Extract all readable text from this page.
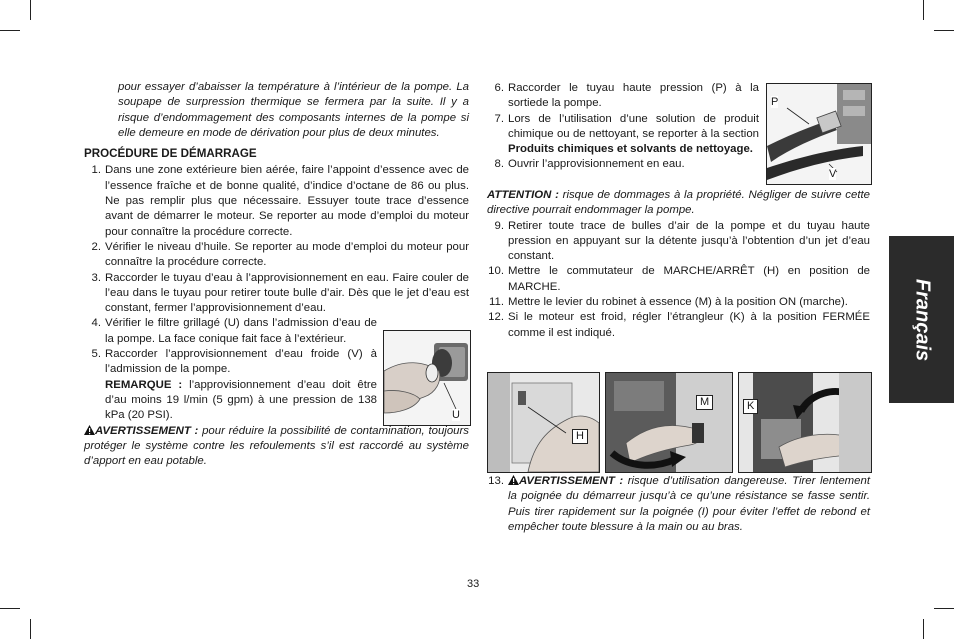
pour essayer d’abaisser la température à l’intérieur de la pompe. La soupape de surpression thermique se fermera par la suite. Il y a risque d’endommagement des composants internes de la pompe si elle demeure en mode de dérivation pour plus de deux minutes.
PROCÉDURE DE DÉMARRAGE
1. Dans une zone extérieure bien aérée, faire l’appoint d’essence avec de l’essence fraîche et de bonne qualité, d’indice d’octane de 86 ou plus. Ne pas remplir plus que nécessaire. Essuyer toute trace d’essence avant de démarrer le moteur. Se reporter au mode d’emploi du moteur pour connaître la procédure correcte.
2. Vérifier le niveau d’huile. Se reporter au mode d’emploi du moteur pour connaître la procédure correcte.
3. Raccorder le tuyau d’eau à l’approvisionnement en eau. Faire couler de l’eau dans le tuyau pour retirer toute bulle d’air. Dès que le jet d’eau est constant, fermer l’approvisionnement d’eau.
4. Vérifier le filtre grillagé (U) dans l’admission d’eau de la pompe. La face conique fait face à l’extérieur.
5. Raccorder l’approvisionnement d’eau froide (V) à l’admission de la pompe.
REMARQUE : l’approvisionnement d’eau doit être d’au moins 19 l/min (5 gpm) à une pression de 138 kPa (20 PSI).
AVERTISSEMENT : pour réduire la possibilité de contamination, toujours protéger le système contre les refoulements s’il est raccordé au système d’apport en eau potable.
U
6. Raccorder le tuyau haute pression (P) à la sortiede la pompe.
7. Lors de l’utilisation d’une solution de produit chimique ou de nettoyant, se reporter à la section Produits chimiques et solvants de nettoyage.
8. Ouvrir l’approvisionnement en eau.
P
V
ATTENTION : risque de dommages à la propriété. Négliger de suivre cette directive pourrait endommager la pompe.
9. Retirer toute trace de bulles d’air de la pompe et du tuyau haute pression en appuyant sur la détente jusqu’à l’obtention d’un jet d’eau constant.
10. Mettre le commutateur de MARCHE/ARRÊT (H) en position de MARCHE.
11. Mettre le levier du robinet à essence (M) à la position ON (marche).
12. Si le moteur est froid, régler l’étrangleur (K) à la position FERMÉE comme il est indiqué.
H
M	K
13. AVERTISSEMENT : risque d’utilisation dangereuse. Tirer lentement la poignée du démarreur jusqu’à ce qu’une résistance se fasse sentir. Puis tirer rapidement sur la poignée (I) pour éviter l’effet de rebond et empêcher toute blessure à la main ou au bras.
Français
33
